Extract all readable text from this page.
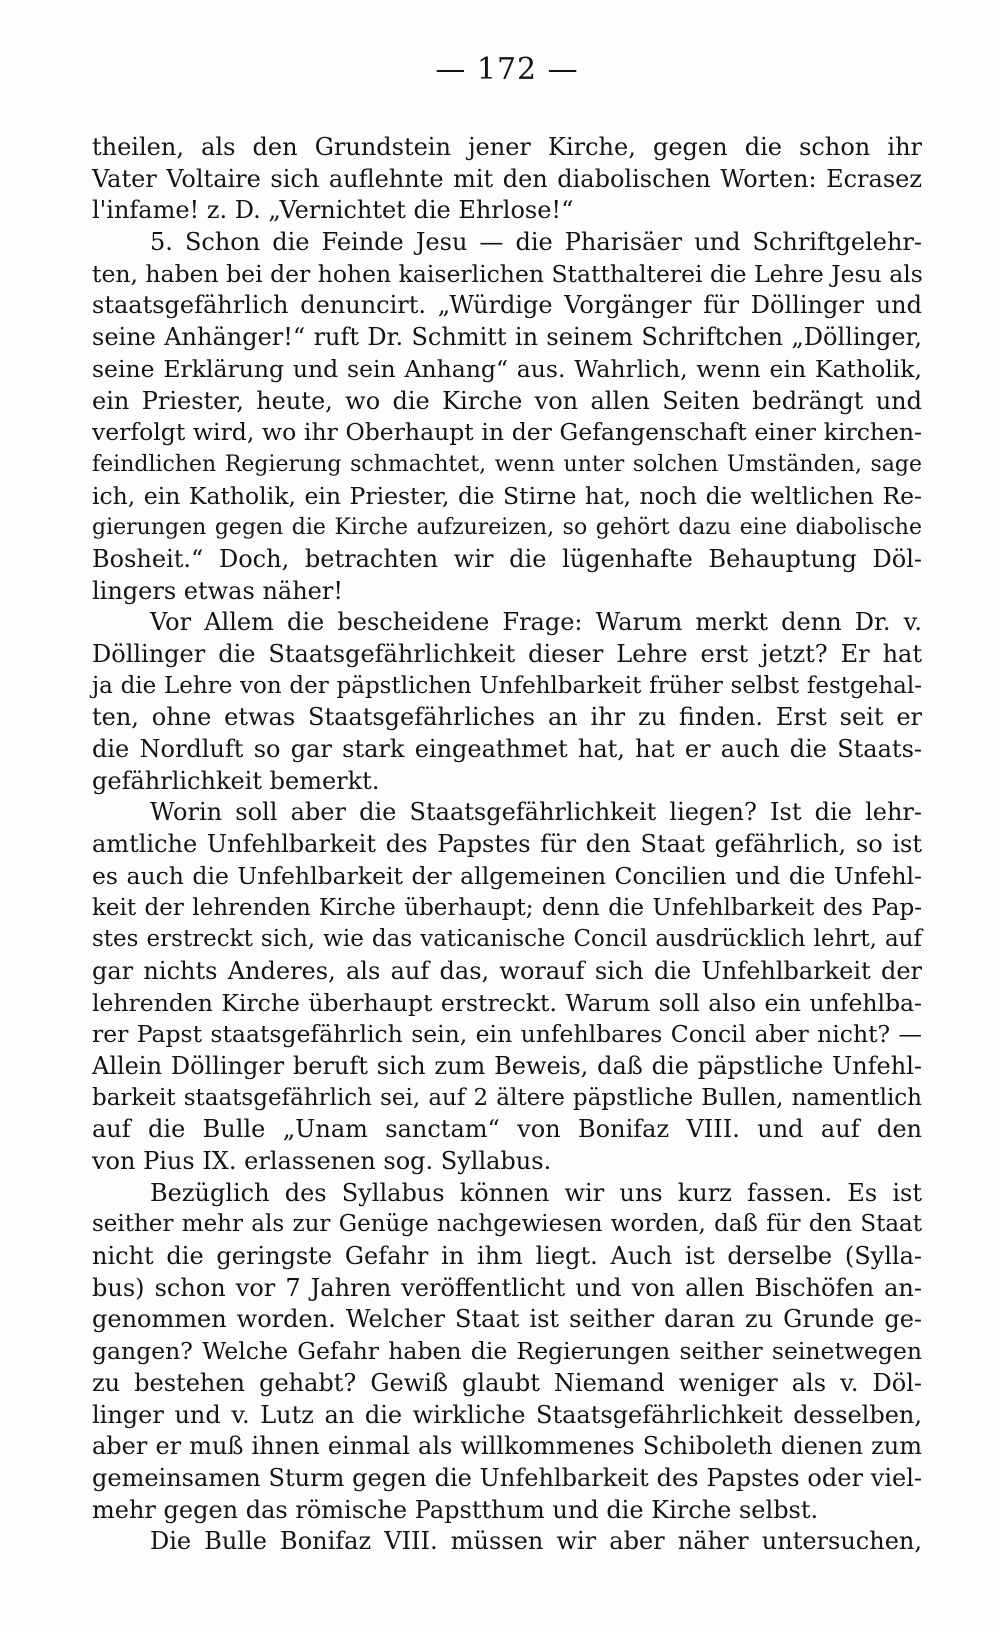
— 172 —
theilen, als den Grundstein jener Kirche, gegen die schon ihr
Vater Voltaire sich auflehnte mit den diabolischen Worten: Ecrasez
l'infame! z. D. „Vernichtet die Ehrlose!“
5. Schon die Feinde Jesu — die Pharisäer und Schriftgelehr-
ten, haben bei der hohen kaiserlichen Statthalterei die Lehre Jesu als
staatsgefährlich denuncirt. „Würdige Vorgänger für Döllinger und
seine Anhänger!“ ruft Dr. Schmitt in seinem Schriftchen „Döllinger,
seine Erklärung und sein Anhang“ aus. Wahrlich, wenn ein Katholik,
ein Priester, heute, wo die Kirche von allen Seiten bedrängt und
verfolgt wird, wo ihr Oberhaupt in der Gefangenschaft einer kirchen-
feindlichen Regierung schmachtet, wenn unter solchen Umständen, sage
ich, ein Katholik, ein Priester, die Stirne hat, noch die weltlichen Re-
gierungen gegen die Kirche aufzureizen, so gehört dazu eine diabolische
Bosheit.“ Doch, betrachten wir die lügenhafte Behauptung Döl-
lingers etwas näher!
Vor Allem die bescheidene Frage: Warum merkt denn Dr. v.
Döllinger die Staatsgefährlichkeit dieser Lehre erst jetzt? Er hat
ja die Lehre von der päpstlichen Unfehlbarkeit früher selbst festgehal-
ten, ohne etwas Staatsgefährliches an ihr zu finden. Erst seit er
die Nordluft so gar stark eingeathmet hat, hat er auch die Staats-
gefährlichkeit bemerkt.
Worin soll aber die Staatsgefährlichkeit liegen? Ist die lehr-
amtliche Unfehlbarkeit des Papstes für den Staat gefährlich, so ist
es auch die Unfehlbarkeit der allgemeinen Concilien und die Unfehl-
keit der lehrenden Kirche überhaupt; denn die Unfehlbarkeit des Pap-
stes erstreckt sich, wie das vaticanische Concil ausdrücklich lehrt, auf
gar nichts Anderes, als auf das, worauf sich die Unfehlbarkeit der
lehrenden Kirche überhaupt erstreckt. Warum soll also ein unfehlba-
rer Papst staatsgefährlich sein, ein unfehlbares Concil aber nicht? —
Allein Döllinger beruft sich zum Beweis, daß die päpstliche Unfehl-
barkeit staatsgefährlich sei, auf 2 ältere päpstliche Bullen, namentlich
auf die Bulle „Unam sanctam“ von Bonifaz VIII. und auf den
von Pius IX. erlassenen sog. Syllabus.
Bezüglich des Syllabus können wir uns kurz fassen. Es ist
seither mehr als zur Genüge nachgewiesen worden, daß für den Staat
nicht die geringste Gefahr in ihm liegt. Auch ist derselbe (Sylla-
bus) schon vor 7 Jahren veröffentlicht und von allen Bischöfen an-
genommen worden. Welcher Staat ist seither daran zu Grunde ge-
gangen? Welche Gefahr haben die Regierungen seither seinetwegen
zu bestehen gehabt? Gewiß glaubt Niemand weniger als v. Döl-
linger und v. Lutz an die wirkliche Staatsgefährlichkeit desselben,
aber er muß ihnen einmal als willkommenes Schiboleth dienen zum
gemeinsamen Sturm gegen die Unfehlbarkeit des Papstes oder viel-
mehr gegen das römische Papstthum und die Kirche selbst.
Die Bulle Bonifaz VIII. müssen wir aber näher untersuchen,
